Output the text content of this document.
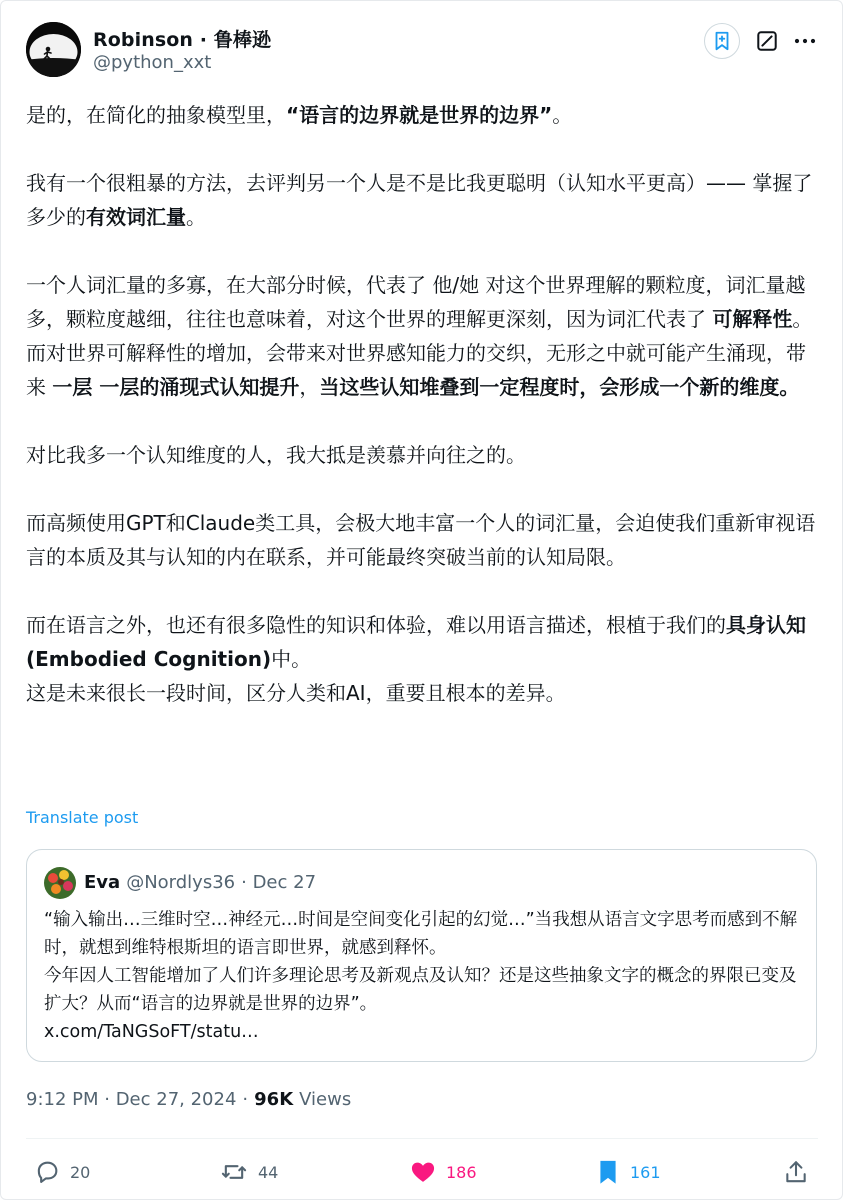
Robinson · 鲁棒逊
@python_xxt

是的，在简化的抽象模型里，“语言的边界就是世界的边界”。

我有一个很粗暴的方法，去评判另一个人是不是比我更聪明（认知水平更高）—— 掌握了多少的有效词汇量。

一个人词汇量的多寡，在大部分时候，代表了 他/她 对这个世界理解的颗粒度，词汇量越多，颗粒度越细，往往也意味着，对这个世界的理解更深刻，因为词汇代表了 可解释性。

而对世界可解释性的增加，会带来对世界感知能力的交织，无形之中就可能产生涌现，带来 一层 一层的涌现式认知提升，当这些认知堆叠到一定程度时，会形成一个新的维度。

对比我多一个认知维度的人，我大抵是羡慕并向往之的。

而高频使用GPT和Claude类工具，会极大地丰富一个人的词汇量，会迫使我们重新审视语言的本质及其与认知的内在联系，并可能最终突破当前的认知局限。

而在语言之外，也还有很多隐性的知识和体验，难以用语言描述，根植于我们的具身认知(Embodied Cognition)中。

这是未来很长一段时间，区分人类和AI，重要且根本的差异。

Translate post
Eva @Nordlys36 · Dec 27

“输入输出…三维时空…神经元…时间是空间变化引起的幻觉…”当我想从语言文字思考而感到不解时，就想到维特根斯坦的语言即世界，就感到释怀。

今年因人工智能增加了人们许多理论思考及新观点及认知？还是这些抽象文字的概念的界限已变及扩大？从而“语言的边界就是世界的边界”。

x.com/TaNGSoFT/statu…

9:12 PM · Dec 27, 2024 · 96K Views
20	44	186	161
